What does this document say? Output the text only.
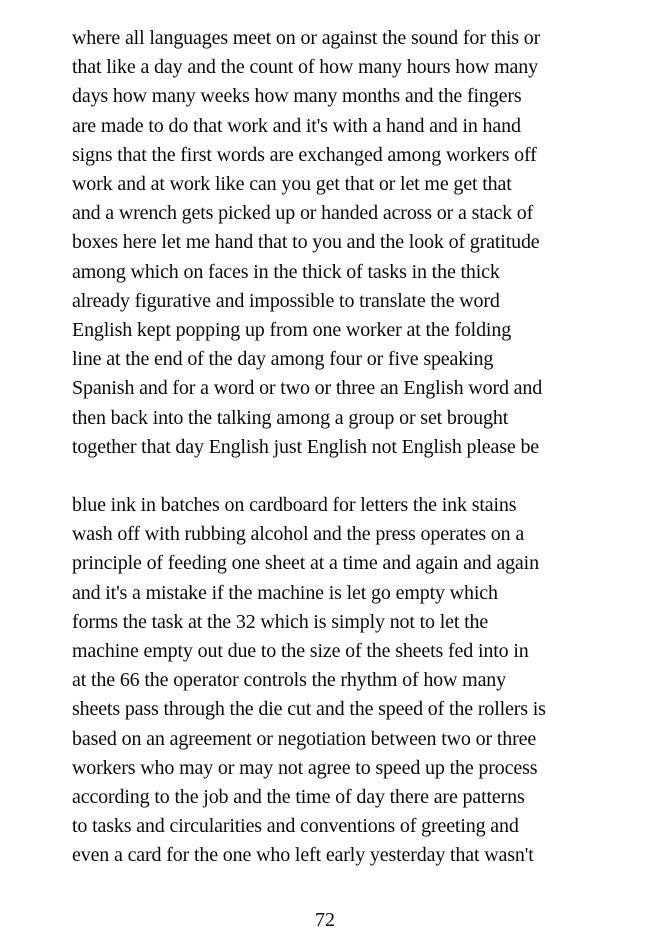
where all languages meet on or against the sound for this or
that like a day and the count of how many hours how many
days how many weeks how many months and the fingers
are made to do that work and it's with a hand and in hand
signs that the first words are exchanged among workers off
work and at work like can you get that or let me get that
and a wrench gets picked up or handed across or a stack of
boxes here let me hand that to you and the look of gratitude
among which on faces in the thick of tasks in the thick
already figurative and impossible to translate the word
English kept popping up from one worker at the folding
line at the end of the day among four or five speaking
Spanish and for a word or two or three an English word and
then back into the talking among a group or set brought
together that day English just English not English please be
blue ink in batches on cardboard for letters the ink stains
wash off with rubbing alcohol and the press operates on a
principle of feeding one sheet at a time and again and again
and it's a mistake if the machine is let go empty which
forms the task at the 32 which is simply not to let the
machine empty out due to the size of the sheets fed into in
at the 66 the operator controls the rhythm of how many
sheets pass through the die cut and the speed of the rollers is
based on an agreement or negotiation between two or three
workers who may or may not agree to speed up the process
according to the job and the time of day there are patterns
to tasks and circularities and conventions of greeting and
even a card for the one who left early yesterday that wasn't
72
